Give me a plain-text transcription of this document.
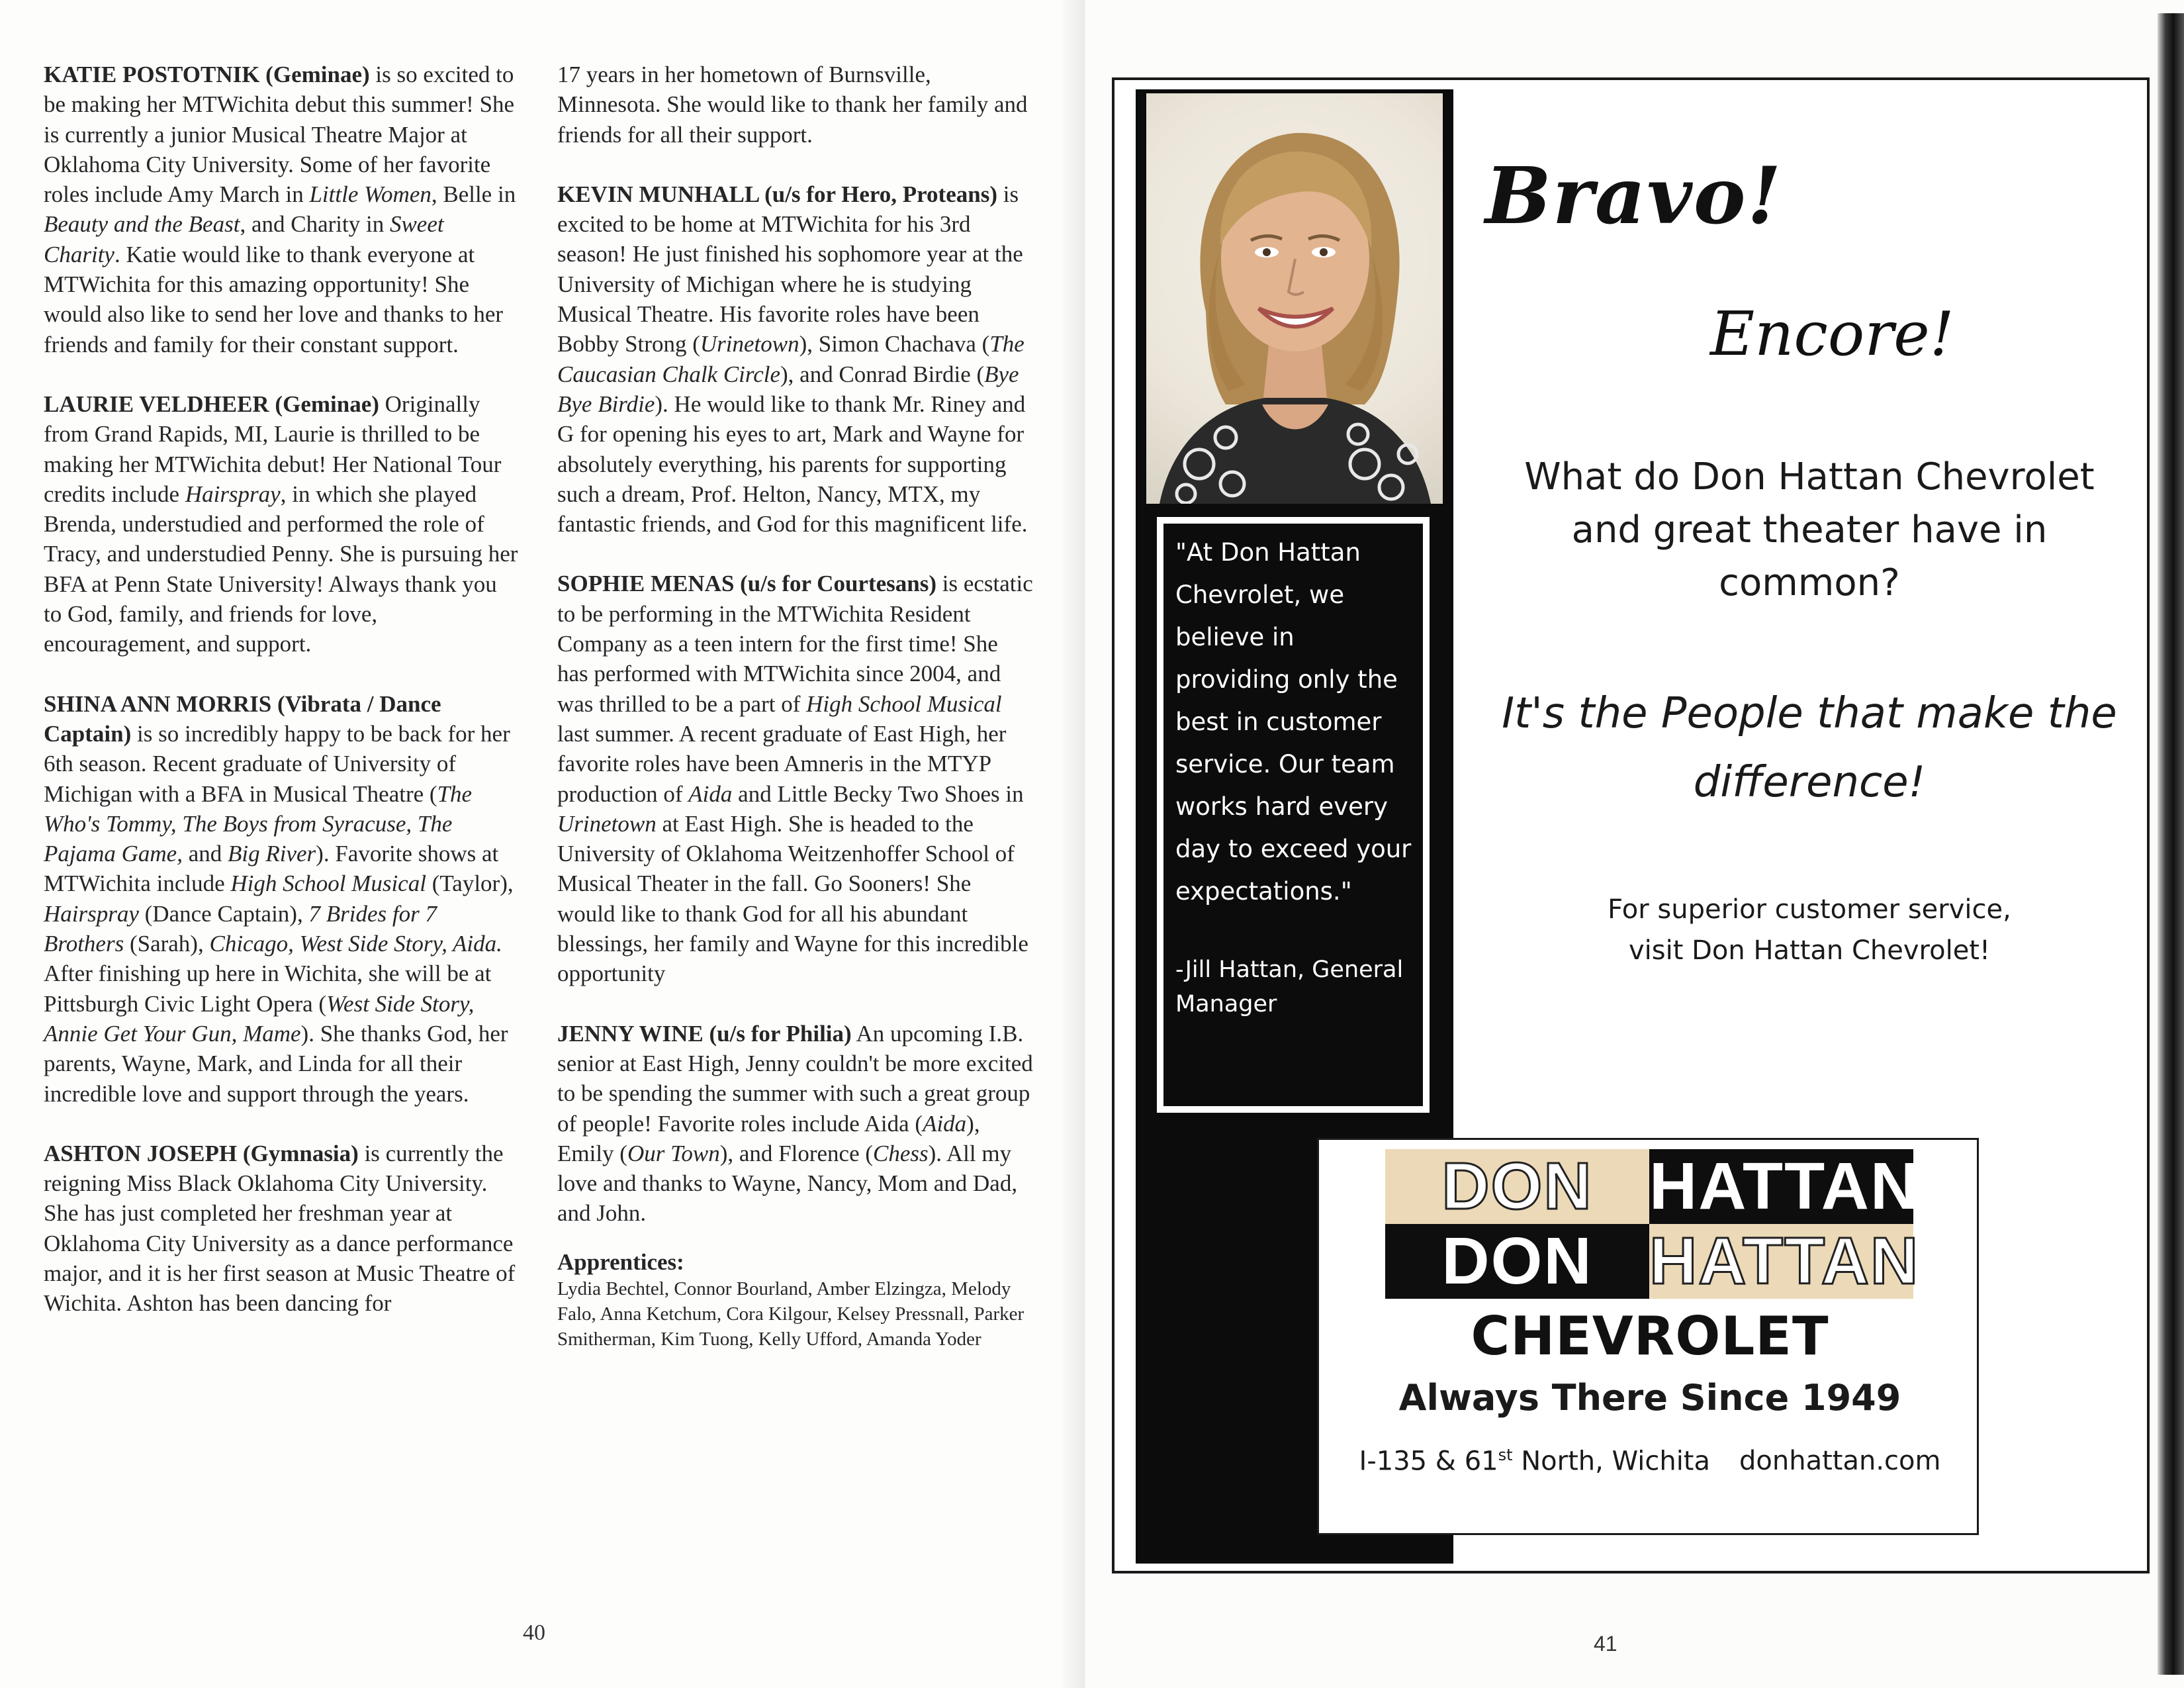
KATIE POSTOTNIK (Geminae) is so excited to be making her MTWichita debut this summer! She is currently a junior Musical Theatre Major at Oklahoma City University. Some of her favorite roles include Amy March in Little Women, Belle in Beauty and the Beast, and Charity in Sweet Charity. Katie would like to thank everyone at MTWichita for this amazing opportunity! She would also like to send her love and thanks to her friends and family for their constant support.

LAURIE VELDHEER (Geminae) Originally from Grand Rapids, MI, Laurie is thrilled to be making her MTWichita debut! Her National Tour credits include Hairspray, in which she played Brenda, understudied and performed the role of Tracy, and understudied Penny. She is pursuing her BFA at Penn State University! Always thank you to God, family, and friends for love, encouragement, and support.

SHINA ANN MORRIS (Vibrata / Dance Captain) is so incredibly happy to be back for her 6th season. Recent graduate of University of Michigan with a BFA in Musical Theatre (The Who's Tommy, The Boys from Syracuse, The Pajama Game, and Big River). Favorite shows at MTWichita include High School Musical (Taylor), Hairspray (Dance Captain), 7 Brides for 7 Brothers (Sarah), Chicago, West Side Story, Aida. After finishing up here in Wichita, she will be at Pittsburgh Civic Light Opera (West Side Story, Annie Get Your Gun, Mame). She thanks God, her parents, Wayne, Mark, and Linda for all their incredible love and support through the years.

ASHTON JOSEPH (Gymnasia) is currently the reigning Miss Black Oklahoma City University. She has just completed her freshman year at Oklahoma City University as a dance performance major, and it is her first season at Music Theatre of Wichita. Ashton has been dancing for

17 years in her hometown of Burnsville, Minnesota. She would like to thank her family and friends for all their support.

KEVIN MUNHALL (u/s for Hero, Proteans) is excited to be home at MTWichita for his 3rd season! He just finished his sophomore year at the University of Michigan where he is studying Musical Theatre. His favorite roles have been Bobby Strong (Urinetown), Simon Chachava (The Caucasian Chalk Circle), and Conrad Birdie (Bye Bye Birdie). He would like to thank Mr. Riney and G for opening his eyes to art, Mark and Wayne for absolutely everything, his parents for supporting such a dream, Prof. Helton, Nancy, MTX, my fantastic friends, and God for this magnificent life.

SOPHIE MENAS (u/s for Courtesans) is ecstatic to be performing in the MTWichita Resident Company as a teen intern for the first time! She has performed with MTWichita since 2004, and was thrilled to be a part of High School Musical last summer. A recent graduate of East High, her favorite roles have been Amneris in the MTYP production of Aida and Little Becky Two Shoes in Urinetown at East High. She is headed to the University of Oklahoma Weitzenhoffer School of Musical Theater in the fall. Go Sooners! She would like to thank God for all his abundant blessings, her family and Wayne for this incredible opportunity

JENNY WINE (u/s for Philia) An upcoming I.B. senior at East High, Jenny couldn't be more excited to be spending the summer with such a great group of people! Favorite roles include Aida (Aida), Emily (Our Town), and Florence (Chess). All my love and thanks to Wayne, Nancy, Mom and Dad, and John.

Apprentices:

Lydia Bechtel, Connor Bourland, Amber Elzingza, Melody Falo, Anna Ketchum, Cora Kilgour, Kelsey Pressnall, Parker Smitherman, Kim Tuong, Kelly Ufford, Amanda Yoder

40	41

"At Don Hattan Chevrolet, we believe in providing only the best in customer service. Our team works hard every day to exceed your expectations."

-Jill Hattan, General Manager

Bravo!
Encore!
What do Don Hattan Chevrolet and great theater have in common?
It's the People that make the difference!
For superior customer service,
visit Don Hattan Chevrolet!
DON HATTAN
DON HATTAN
CHEVROLET
Always There Since 1949
I-135 & 61st North, Wichita donhattan.com
